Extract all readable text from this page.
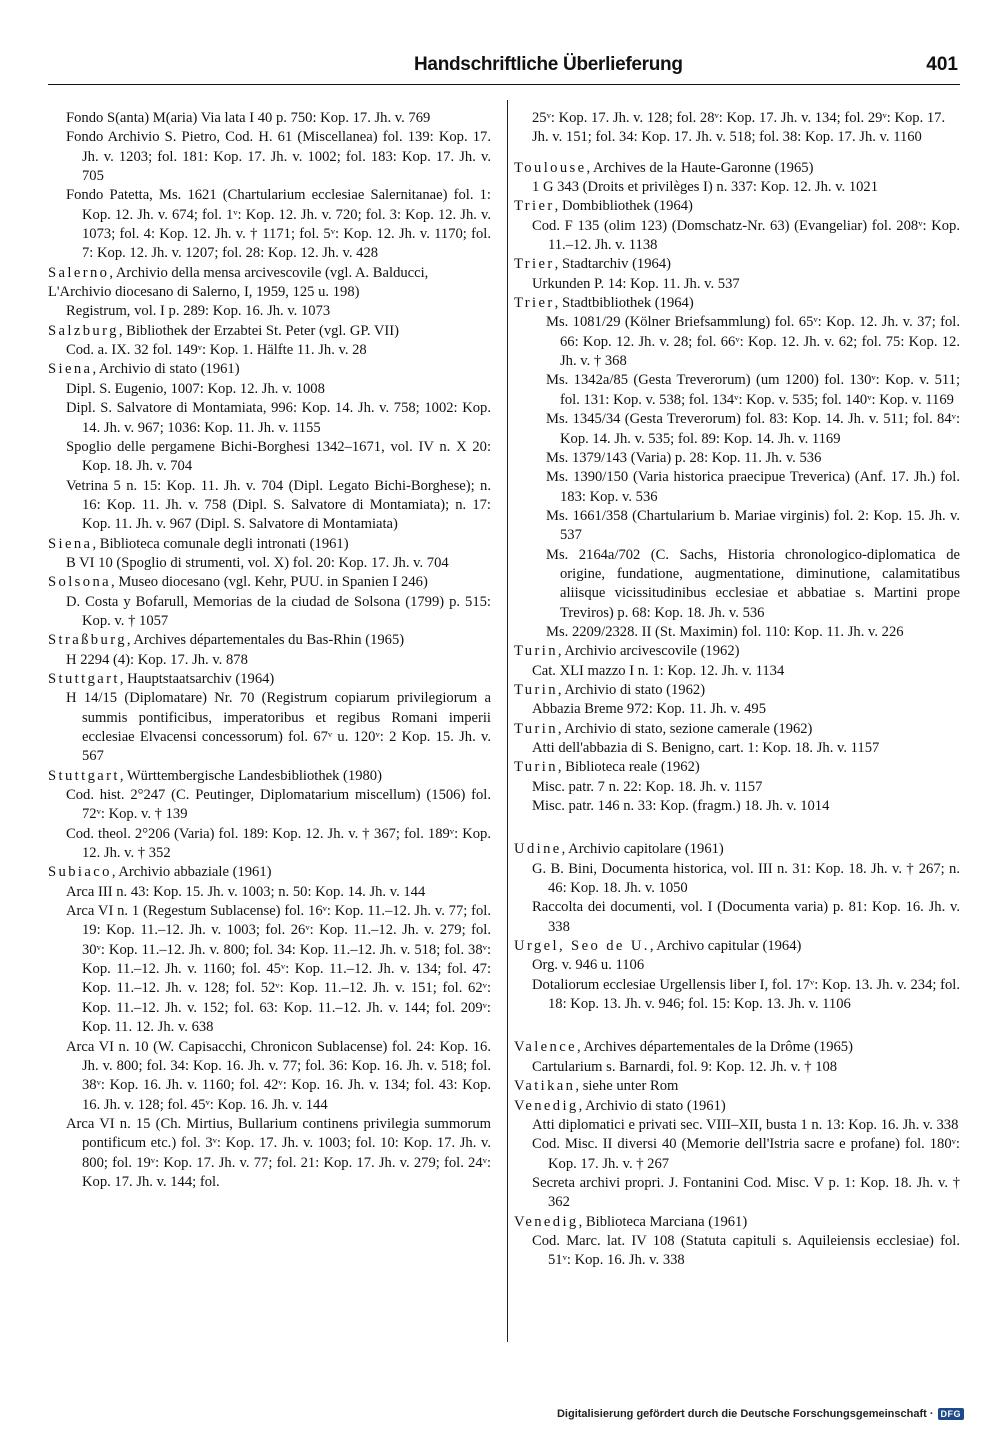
Handschriftliche Überlieferung	401

Fondo S(anta) M(aria) Via lata I 40 p. 750: Kop. 17. Jh. v. 769

Fondo Archivio S. Pietro, Cod. H. 61 (Miscellanea) fol. 139: Kop. 17. Jh. v. 1203; fol. 181: Kop. 17. Jh. v. 1002; fol. 183: Kop. 17. Jh. v. 705

Fondo Patetta, Ms. 1621 (Chartularium ecclesiae Salernitanae) fol. 1: Kop. 12. Jh. v. 674; fol. 1ᵛ: Kop. 12. Jh. v. 720; fol. 3: Kop. 12. Jh. v. 1073; fol. 4: Kop. 12. Jh. v. † 1171; fol. 5ᵛ: Kop. 12. Jh. v. 1170; fol. 7: Kop. 12. Jh. v. 1207; fol. 28: Kop. 12. Jh. v. 428

Salerno, Archivio della mensa arcivescovile (vgl. A. Balducci, L'Archivio diocesano di Salerno, I, 1959, 125 u. 198)

Registrum, vol. I p. 289: Kop. 16. Jh. v. 1073

Salzburg, Bibliothek der Erzabtei St. Peter (vgl. GP. VII)

Cod. a. IX. 32 fol. 149ᵛ: Kop. 1. Hälfte 11. Jh. v. 28

Siena, Archivio di stato (1961)

Dipl. S. Eugenio, 1007: Kop. 12. Jh. v. 1008

Dipl. S. Salvatore di Montamiata, 996: Kop. 14. Jh. v. 758; 1002: Kop. 14. Jh. v. 967; 1036: Kop. 11. Jh. v. 1155

Spoglio delle pergamene Bichi-Borghesi 1342–1671, vol. IV n. X 20: Kop. 18. Jh. v. 704

Vetrina 5 n. 15: Kop. 11. Jh. v. 704 (Dipl. Legato Bichi-Borghese); n. 16: Kop. 11. Jh. v. 758 (Dipl. S. Salvatore di Montamiata); n. 17: Kop. 11. Jh. v. 967 (Dipl. S. Salvatore di Montamiata)

Siena, Biblioteca comunale degli intronati (1961)

B VI 10 (Spoglio di strumenti, vol. X) fol. 20: Kop. 17. Jh. v. 704

Solsona, Museo diocesano (vgl. Kehr, PUU. in Spanien I 246)

D. Costa y Bofarull, Memorias de la ciudad de Solsona (1799) p. 515: Kop. v. † 1057

Straßburg, Archives départementales du Bas-Rhin (1965)

H 2294 (4): Kop. 17. Jh. v. 878

Stuttgart, Hauptstaatsarchiv (1964)

H 14/15 (Diplomatare) Nr. 70 (Registrum copiarum privilegiorum a summis pontificibus, imperatoribus et regibus Romani imperii ecclesiae Elvacensi concessorum) fol. 67ᵛ u. 120ᵛ: 2 Kop. 15. Jh. v. 567

Stuttgart, Württembergische Landesbibliothek (1980)

Cod. hist. 2°247 (C. Peutinger, Diplomatarium miscellum) (1506) fol. 72ᵛ: Kop. v. † 139

Cod. theol. 2°206 (Varia) fol. 189: Kop. 12. Jh. v. † 367; fol. 189ᵛ: Kop. 12. Jh. v. † 352

Subiaco, Archivio abbaziale (1961)

Arca III n. 43: Kop. 15. Jh. v. 1003; n. 50: Kop. 14. Jh. v. 144

Arca VI n. 1 (Regestum Sublacense) fol. 16ᵛ: Kop. 11.–12. Jh. v. 77; fol. 19: Kop. 11.–12. Jh. v. 1003; fol. 26ᵛ: Kop. 11.–12. Jh. v. 279; fol. 30ᵛ: Kop. 11.–12. Jh. v. 800; fol. 34: Kop. 11.–12. Jh. v. 518; fol. 38ᵛ: Kop. 11.–12. Jh. v. 1160; fol. 45ᵛ: Kop. 11.–12. Jh. v. 134; fol. 47: Kop. 11.–12. Jh. v. 128; fol. 52ᵛ: Kop. 11.–12. Jh. v. 151; fol. 62ᵛ: Kop. 11.–12. Jh. v. 152; fol. 63: Kop. 11.–12. Jh. v. 144; fol. 209ᵛ: Kop. 11. 12. Jh. v. 638

Arca VI n. 10 (W. Capisacchi, Chronicon Sublacense) fol. 24: Kop. 16. Jh. v. 800; fol. 34: Kop. 16. Jh. v. 77; fol. 36: Kop. 16. Jh. v. 518; fol. 38ᵛ: Kop. 16. Jh. v. 1160; fol. 42ᵛ: Kop. 16. Jh. v. 134; fol. 43: Kop. 16. Jh. v. 128; fol. 45ᵛ: Kop. 16. Jh. v. 144

Arca VI n. 15 (Ch. Mirtius, Bullarium continens privilegia summorum pontificum etc.) fol. 3ᵛ: Kop. 17. Jh. v. 1003; fol. 10: Kop. 17. Jh. v. 800; fol. 19ᵛ: Kop. 17. Jh. v. 77; fol. 21: Kop. 17. Jh. v. 279; fol. 24ᵛ: Kop. 17. Jh. v. 144; fol.

25ᵛ: Kop. 17. Jh. v. 128; fol. 28ᵛ: Kop. 17. Jh. v. 134; fol. 29ᵛ: Kop. 17. Jh. v. 151; fol. 34: Kop. 17. Jh. v. 518; fol. 38: Kop. 17. Jh. v. 1160

Toulouse, Archives de la Haute-Garonne (1965)

1 G 343 (Droits et privilèges I) n. 337: Kop. 12. Jh. v. 1021

Trier, Dombibliothek (1964)

Cod. F 135 (olim 123) (Domschatz-Nr. 63) (Evangeliar) fol. 208ᵛ: Kop. 11.–12. Jh. v. 1138

Trier, Stadtarchiv (1964)

Urkunden P. 14: Kop. 11. Jh. v. 537

Trier, Stadtbibliothek (1964)

Ms. 1081/29 (Kölner Briefsammlung) fol. 65ᵛ: Kop. 12. Jh. v. 37; fol. 66: Kop. 12. Jh. v. 28; fol. 66ᵛ: Kop. 12. Jh. v. 62; fol. 75: Kop. 12. Jh. v. † 368

Ms. 1342a/85 (Gesta Treverorum) (um 1200) fol. 130ᵛ: Kop. v. 511; fol. 131: Kop. v. 538; fol. 134ᵛ: Kop. v. 535; fol. 140ᵛ: Kop. v. 1169

Ms. 1345/34 (Gesta Treverorum) fol. 83: Kop. 14. Jh. v. 511; fol. 84ᵛ: Kop. 14. Jh. v. 535; fol. 89: Kop. 14. Jh. v. 1169

Ms. 1379/143 (Varia) p. 28: Kop. 11. Jh. v. 536

Ms. 1390/150 (Varia historica praecipue Treverica) (Anf. 17. Jh.) fol. 183: Kop. v. 536

Ms. 1661/358 (Chartularium b. Mariae virginis) fol. 2: Kop. 15. Jh. v. 537

Ms. 2164a/702 (C. Sachs, Historia chronologico-diplomatica de origine, fundatione, augmentatione, diminutione, calamitatibus aliisque vicissitudinibus ecclesiae et abbatiae s. Martini prope Treviros) p. 68: Kop. 18. Jh. v. 536

Ms. 2209/2328. II (St. Maximin) fol. 110: Kop. 11. Jh. v. 226

Turin, Archivio arcivescovile (1962)

Cat. XLI mazzo I n. 1: Kop. 12. Jh. v. 1134

Turin, Archivio di stato (1962)

Abbazia Breme 972: Kop. 11. Jh. v. 495

Turin, Archivio di stato, sezione camerale (1962)

Atti dell'abbazia di S. Benigno, cart. 1: Kop. 18. Jh. v. 1157

Turin, Biblioteca reale (1962)

Misc. patr. 7 n. 22: Kop. 18. Jh. v. 1157

Misc. patr. 146 n. 33: Kop. (fragm.) 18. Jh. v. 1014

Udine, Archivio capitolare (1961)

G. B. Bini, Documenta historica, vol. III n. 31: Kop. 18. Jh. v. † 267; n. 46: Kop. 18. Jh. v. 1050

Raccolta dei documenti, vol. I (Documenta varia) p. 81: Kop. 16. Jh. v. 338

Urgel, Seo de U., Archivo capitular (1964)

Org. v. 946 u. 1106

Dotaliorum ecclesiae Urgellensis liber I, fol. 17ᵛ: Kop. 13. Jh. v. 234; fol. 18: Kop. 13. Jh. v. 946; fol. 15: Kop. 13. Jh. v. 1106

Valence, Archives départementales de la Drôme (1965)

Cartularium s. Barnardi, fol. 9: Kop. 12. Jh. v. † 108

Vatikan, siehe unter Rom

Venedig, Archivio di stato (1961)

Atti diplomatici e privati sec. VIII–XII, busta 1 n. 13: Kop. 16. Jh. v. 338

Cod. Misc. II diversi 40 (Memorie dell'Istria sacre e profane) fol. 180ᵛ: Kop. 17. Jh. v. † 267

Secreta archivi propri. J. Fontanini Cod. Misc. V p. 1: Kop. 18. Jh. v. † 362

Venedig, Biblioteca Marciana (1961)

Cod. Marc. lat. IV 108 (Statuta capituli s. Aquileiensis ecclesiae) fol. 51ᵛ: Kop. 16. Jh. v. 338

Digitalisierung gefördert durch die Deutsche Forschungsgemeinschaft · DFG
